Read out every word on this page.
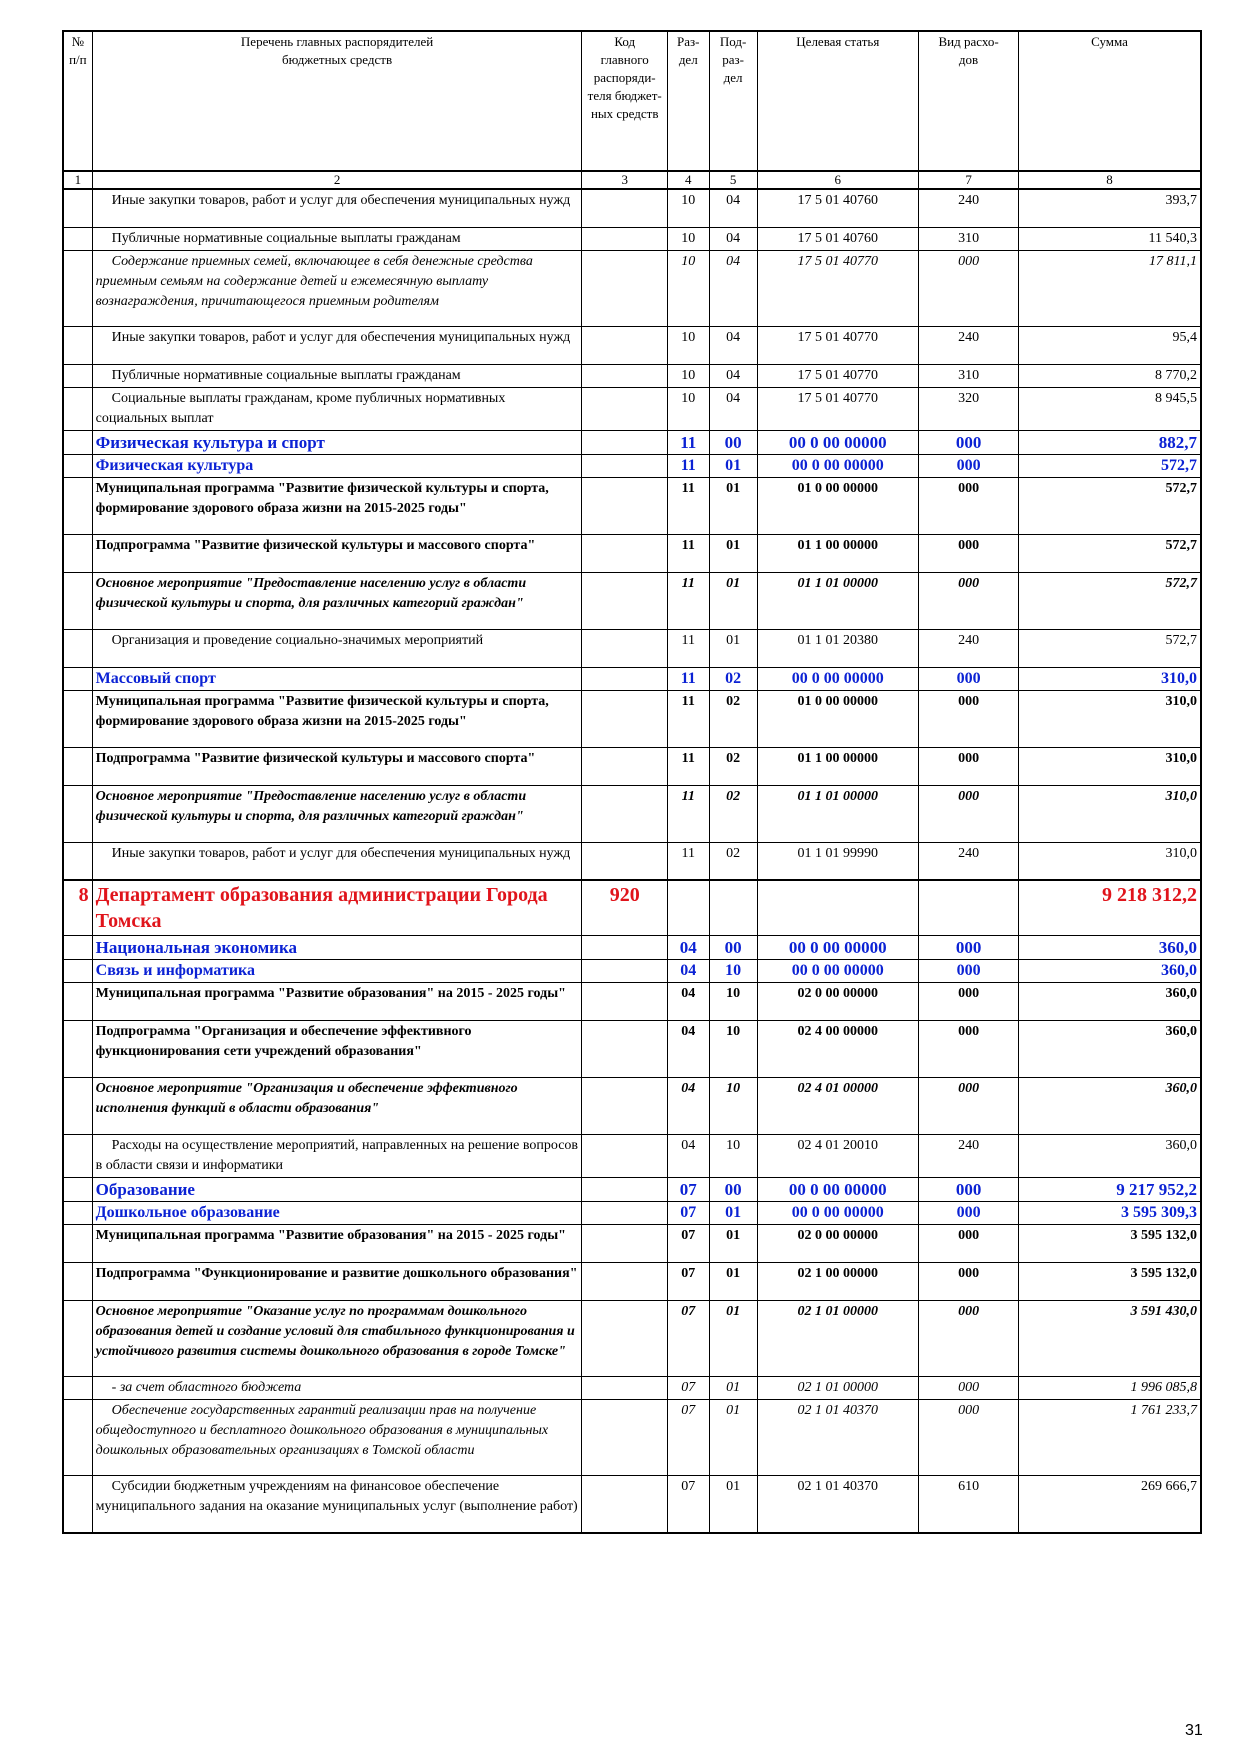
№
п/п	Перечень главных распорядителей
бюджетных средств	Код
главного
распоряди-
теля бюджет-
ных средств	Раз-
дел	Под-
раз-
дел	Целевая статья	Вид расхо-
дов	Сумма
1	2	3	4	5	6	7	8
	Иные закупки товаров, работ и услуг для обеспечения муниципальных нужд		10	04	17 5 01 40760	240	393,7
	Публичные нормативные социальные выплаты гражданам		10	04	17 5 01 40760	310	11 540,3
	Содержание приемных семей, включающее в себя денежные средства приемным семьям на содержание детей и ежемесячную выплату вознаграждения, причитающегося приемным родителям		10	04	17 5 01 40770	000	17 811,1
	Иные закупки товаров, работ и услуг для обеспечения муниципальных нужд		10	04	17 5 01 40770	240	95,4
	Публичные нормативные социальные выплаты гражданам		10	04	17 5 01 40770	310	8 770,2
	Социальные выплаты гражданам, кроме публичных нормативных социальных выплат		10	04	17 5 01 40770	320	8 945,5
	Физическая культура и спорт		11	00	00 0 00 00000	000	882,7
	Физическая культура		11	01	00 0 00 00000	000	572,7
	Муниципальная программа "Развитие физической культуры и спорта, формирование здорового образа жизни на 2015-2025 годы"		11	01	01 0 00 00000	000	572,7
	Подпрограмма "Развитие физической культуры и массового спорта"		11	01	01 1 00 00000	000	572,7
	Основное мероприятие "Предоставление населению услуг в области физической культуры и спорта, для различных категорий граждан"		11	01	01 1 01 00000	000	572,7
	Организация и проведение социально-значимых мероприятий		11	01	01 1 01 20380	240	572,7
	Массовый спорт		11	02	00 0 00 00000	000	310,0
	Муниципальная программа "Развитие физической культуры и спорта, формирование здорового образа жизни на 2015-2025 годы"		11	02	01 0 00 00000	000	310,0
	Подпрограмма "Развитие физической культуры и массового спорта"		11	02	01 1 00 00000	000	310,0
	Основное мероприятие "Предоставление населению услуг в области физической культуры и спорта, для различных категорий граждан"		11	02	01 1 01 00000	000	310,0
	Иные закупки товаров, работ и услуг для обеспечения муниципальных нужд		11	02	01 1 01 99990	240	310,0
8	Департамент образования администрации Города Томска	920					9 218 312,2
	Национальная экономика		04	00	00 0 00 00000	000	360,0
	Связь и информатика		04	10	00 0 00 00000	000	360,0
	Муниципальная программа "Развитие образования" на 2015 - 2025 годы"		04	10	02 0 00 00000	000	360,0
	Подпрограмма "Организация и обеспечение эффективного функционирования сети учреждений образования"		04	10	02 4 00 00000	000	360,0
	Основное мероприятие "Организация и обеспечение эффективного исполнения функций в области образования"		04	10	02 4 01 00000	000	360,0
	Расходы на осуществление мероприятий, направленных на решение вопросов в области связи и информатики		04	10	02 4 01 20010	240	360,0
	Образование		07	00	00 0 00 00000	000	9 217 952,2
	Дошкольное образование		07	01	00 0 00 00000	000	3 595 309,3
	Муниципальная программа "Развитие образования" на 2015 - 2025 годы"		07	01	02 0 00 00000	000	3 595 132,0
	Подпрограмма "Функционирование и развитие дошкольного образования"		07	01	02 1 00 00000	000	3 595 132,0
	Основное мероприятие "Оказание услуг по программам дошкольного образования детей и создание условий для стабильного функционирования и устойчивого развития системы дошкольного образования в городе Томске"		07	01	02 1 01 00000	000	3 591 430,0
	- за счет областного бюджета		07	01	02 1 01 00000	000	1 996 085,8
	Обеспечение государственных гарантий реализации прав на получение общедоступного и бесплатного дошкольного образования в муниципальных дошкольных образовательных организациях в Томской области		07	01	02 1 01 40370	000	1 761 233,7
	Субсидии бюджетным учреждениям на финансовое обеспечение муниципального задания на оказание муниципальных услуг (выполнение работ)		07	01	02 1 01 40370	610	269 666,7
31
